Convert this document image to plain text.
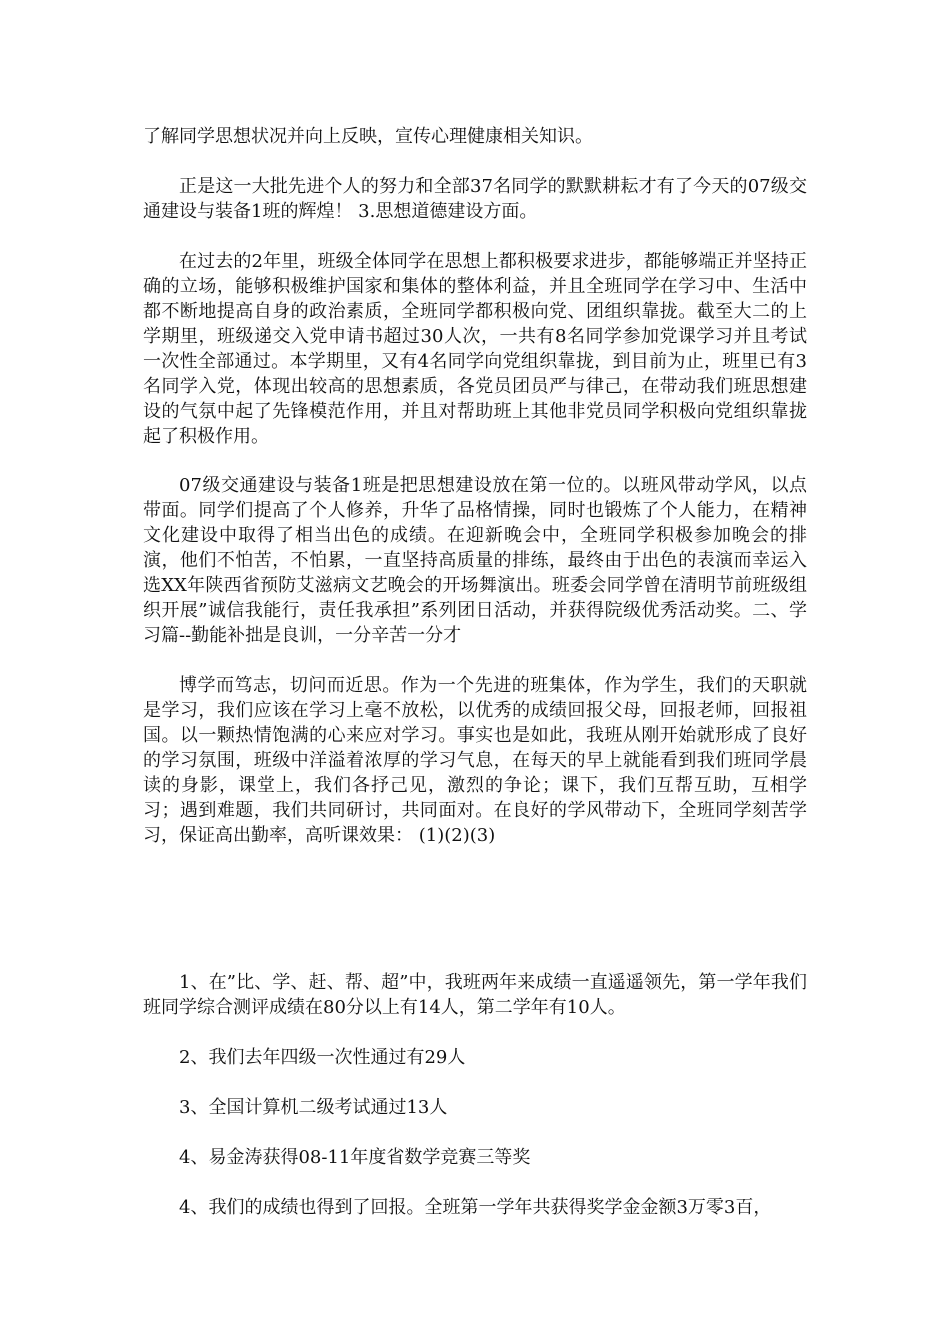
了解同学思想状况并向上反映，宣传心理健康相关知识。

正是这一大批先进个人的努力和全部37名同学的默默耕耘才有了今天的07级交通建设与装备1班的辉煌！ 3.思想道德建设方面。

在过去的2年里，班级全体同学在思想上都积极要求进步，都能够端正并坚持正确的立场，能够积极维护国家和集体的整体利益，并且全班同学在学习中、生活中都不断地提高自身的政治素质，全班同学都积极向党、团组织靠拢。截至大二的上学期里，班级递交入党申请书超过30人次，一共有8名同学参加党课学习并且考试一次性全部通过。本学期里，又有4名同学向党组织靠拢，到目前为止，班里已有3名同学入党，体现出较高的思想素质，各党员团员严与律己，在带动我们班思想建设的气氛中起了先锋模范作用，并且对帮助班上其他非党员同学积极向党组织靠拢起了积极作用。

07级交通建设与装备1班是把思想建设放在第一位的。以班风带动学风，以点带面。同学们提高了个人修养，升华了品格情操，同时也锻炼了个人能力，在精神文化建设中取得了相当出色的成绩。在迎新晚会中，全班同学积极参加晚会的排演，他们不怕苦，不怕累，一直坚持高质量的排练，最终由于出色的表演而幸运入选XX年陕西省预防艾滋病文艺晚会的开场舞演出。班委会同学曾在清明节前班级组织开展”诚信我能行，责任我承担”系列团日活动，并获得院级优秀活动奖。二、学习篇--勤能补拙是良训，一分辛苦一分才

博学而笃志，切问而近思。作为一个先进的班集体，作为学生，我们的天职就是学习，我们应该在学习上毫不放松，以优秀的成绩回报父母，回报老师，回报祖国。以一颗热情饱满的心来应对学习。事实也是如此，我班从刚开始就形成了良好的学习氛围，班级中洋溢着浓厚的学习气息，在每天的早上就能看到我们班同学晨读的身影，课堂上，我们各抒己见，激烈的争论；课下，我们互帮互助，互相学习；遇到难题，我们共同研讨，共同面对。在良好的学风带动下，全班同学刻苦学习，保证高出勤率，高听课效果： (1)(2)(3)

1、在”比、学、赶、帮、超”中，我班两年来成绩一直遥遥领先，第一学年我们班同学综合测评成绩在80分以上有14人，第二学年有10人。

2、我们去年四级一次性通过有29人

3、全国计算机二级考试通过13人

4、易金涛获得08-11年度省数学竞赛三等奖

4、我们的成绩也得到了回报。全班第一学年共获得奖学金金额3万零3百，
